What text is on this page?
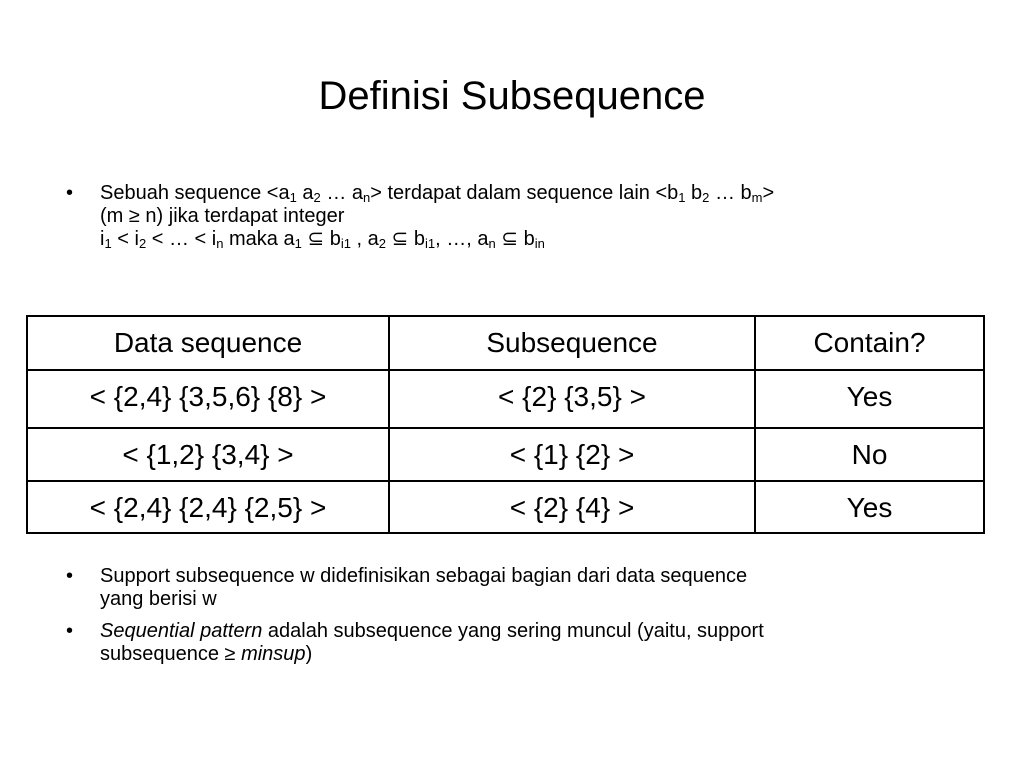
Definisi Subsequence
• Sebuah sequence $<a_1$ $a_2$ … $a_n>$ terdapat dalam sequence lain $<b_1$ $b_2$ … $b_m>$
(m ≥ n) jika terdapat integer
$i_1 < i_2$ < … < $i_n$ maka $a_1$ ⊆ $b_{i1}$ , $a_2$ ⊆ $b_{i1}$, …, $a_n$ ⊆ $b_{in}$
Data sequence	Subsequence	Contain?
< {2,4} {3,5,6} {8} >	< {2} {3,5} >	Yes
< {1,2} {3,4} >	< {1} {2} >	No
< {2,4} {2,4} {2,5} >	< {2} {4} >	Yes
• Support subsequence w didefinisikan sebagai bagian dari data sequence
yang berisi w
• Sequential pattern adalah subsequence yang sering muncul (yaitu, support
subsequence ≥ minsup)
